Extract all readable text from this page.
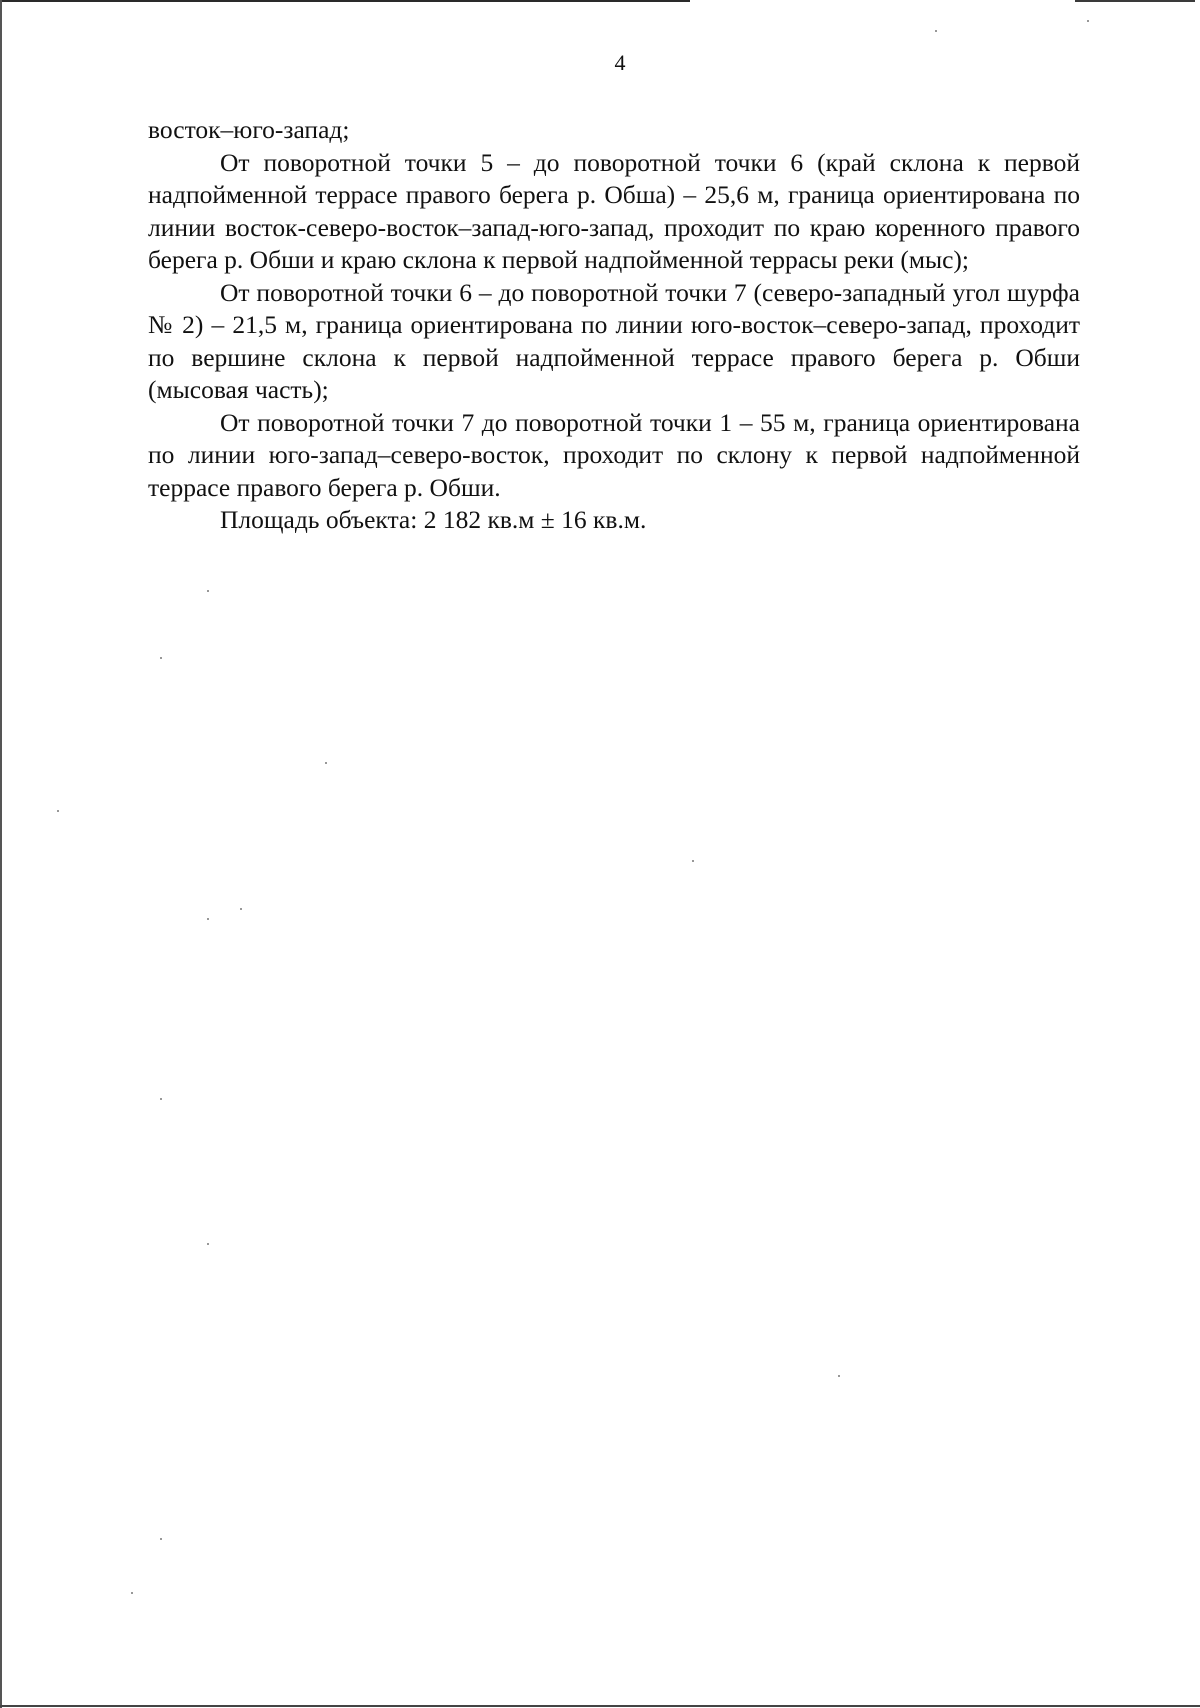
4

восток–юго-запад;

От поворотной точки 5 – до поворотной точки 6 (край склона к первой надпойменной террасе правого берега р. Обша) – 25,6 м, граница ориентирована по линии восток-северо-восток–запад-юго-запад, проходит по краю коренного правого берега р. Обши и краю склона к первой надпойменной террасы реки (мыс);

От поворотной точки 6 – до поворотной точки 7 (северо-западный угол шурфа № 2) – 21,5 м, граница ориентирована по линии юго-восток–северо-запад, проходит по вершине склона к первой надпойменной террасе правого берега р. Обши (мысовая часть);

От поворотной точки 7 до поворотной точки 1 – 55 м, граница ориентирована по линии юго-запад–северо-восток, проходит по склону к первой надпойменной террасе правого берега р. Обши.

Площадь объекта: 2 182 кв.м ± 16 кв.м.
